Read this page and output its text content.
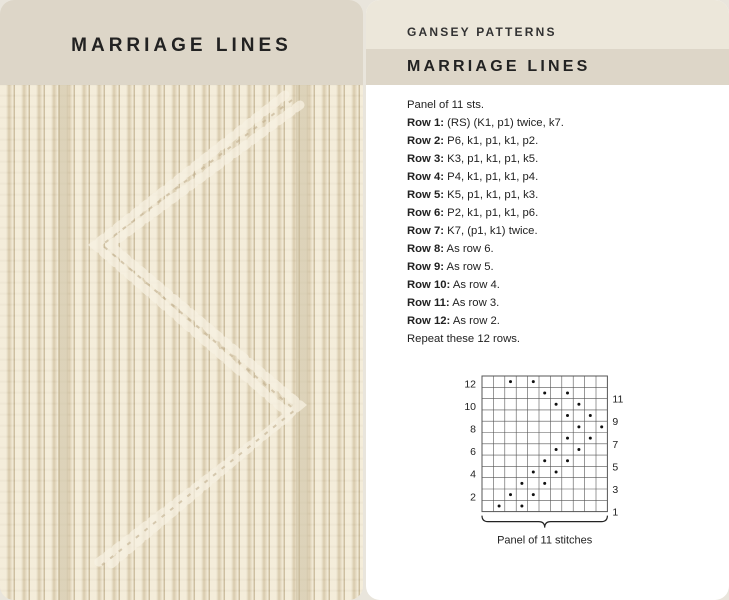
MARRIAGE LINES
GANSEY PATTERNS
MARRIAGE LINES
Panel of 11 sts.
Row 1: (RS) (K1, p1) twice, k7.
Row 2: P6, k1, p1, k1, p2.
Row 3: K3, p1, k1, p1, k5.
Row 4: P4, k1, p1, k1, p4.
Row 5: K5, p1, k1, p1, k3.
Row 6: P2, k1, p1, k1, p6.
Row 7: K7, (p1, k1) twice.
Row 8: As row 6.
Row 9: As row 5.
Row 10: As row 4.
Row 11: As row 3.
Row 12: As row 2.
Repeat these 12 rows.
2
4
6
8
10
12
1
3
5
7
9
11
Panel of 11 stitches
